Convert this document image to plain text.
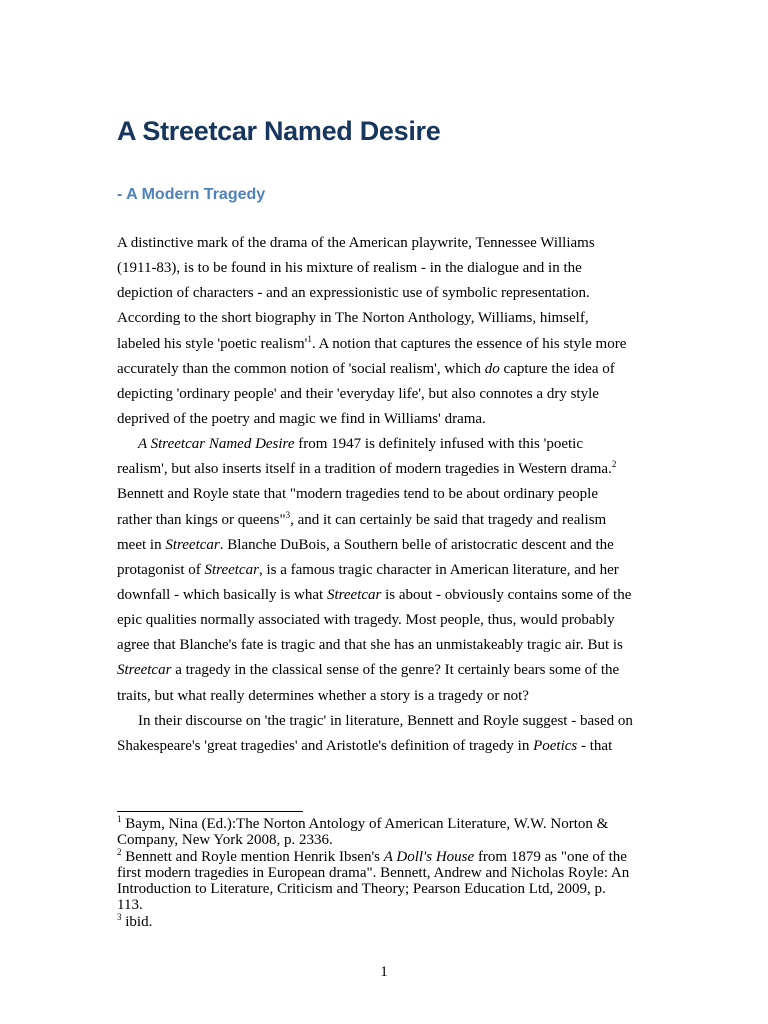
A Streetcar Named Desire
- A Modern Tragedy

A distinctive mark of the drama of the American playwrite, Tennessee Williams
(1911-83), is to be found in his mixture of realism - in the dialogue and in the
depiction of characters - and an expressionistic use of symbolic representation.
According to the short biography in The Norton Anthology, Williams, himself,
labeled his style 'poetic $realism'^1$. A notion that captures the essence of his style more
accurately than the common notion of 'social realism', which do capture the idea of
depicting 'ordinary people' and their 'everyday life', but also connotes a dry style
deprived of the poetry and magic we find in Williams' drama.

A Streetcar Named Desire from 1947 is definitely infused with this 'poetic
realism', but also inserts itself in a tradition of modern tragedies in Western drama.$^2$
Bennett and Royle state that "modern tragedies tend to be about ordinary people
rather than kings or queens"$^3$, and it can certainly be said that tragedy and realism
meet in Streetcar. Blanche DuBois, a Southern belle of aristocratic descent and the
protagonist of Streetcar, is a famous tragic character in American literature, and her
downfall - which basically is what Streetcar is about - obviously contains some of the
epic qualities normally associated with tragedy. Most people, thus, would probably
agree that Blanche's fate is tragic and that she has an unmistakeably tragic air. But is
Streetcar a tragedy in the classical sense of the genre? It certainly bears some of the
traits, but what really determines whether a story is a tragedy or not?

In their discourse on 'the tragic' in literature, Bennett and Royle suggest - based on
Shakespeare's 'great tragedies' and Aristotle's definition of tragedy in Poetics - that

$^1$ Baym, Nina (Ed.):The Norton Antology of American Literature, W.W. Norton &
Company, New York 2008, p. 2336.
$^2$ Bennett and Royle mention Henrik Ibsen's A Doll's House from 1879 as "one of the
first modern tragedies in European drama". Bennett, Andrew and Nicholas Royle: An
Introduction to Literature, Criticism and Theory; Pearson Education Ltd, 2009, p.
113.
$^3$ ibid.
1
